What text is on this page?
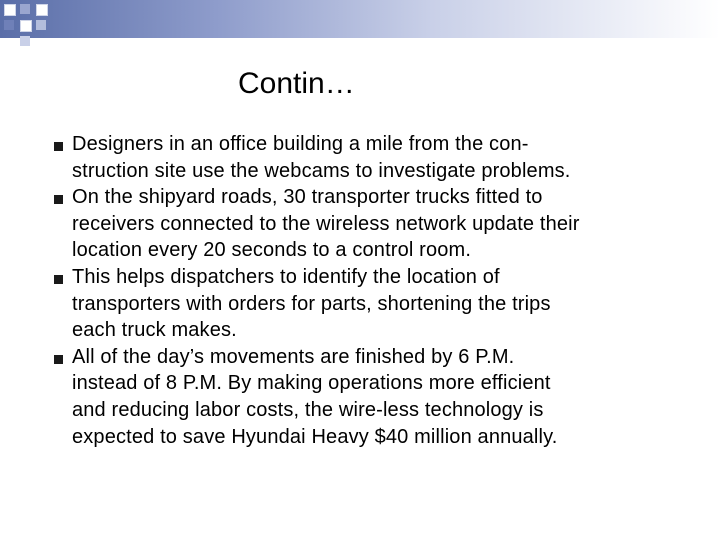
Contin…
Designers in an office building a mile from the con-
struction site use the webcams to investigate problems.
On the shipyard roads, 30 transporter trucks fitted to
receivers connected to the wireless network update their
location every 20 seconds to a control room.
This helps dispatchers to identify the location of
transporters with orders for parts, shortening the trips
each truck makes.
All of the day’s movements are finished by 6 P.M.
instead of 8 P.M. By making operations more efficient
and reducing labor costs, the wire-less technology is
expected to save Hyundai Heavy $40 million annually.
